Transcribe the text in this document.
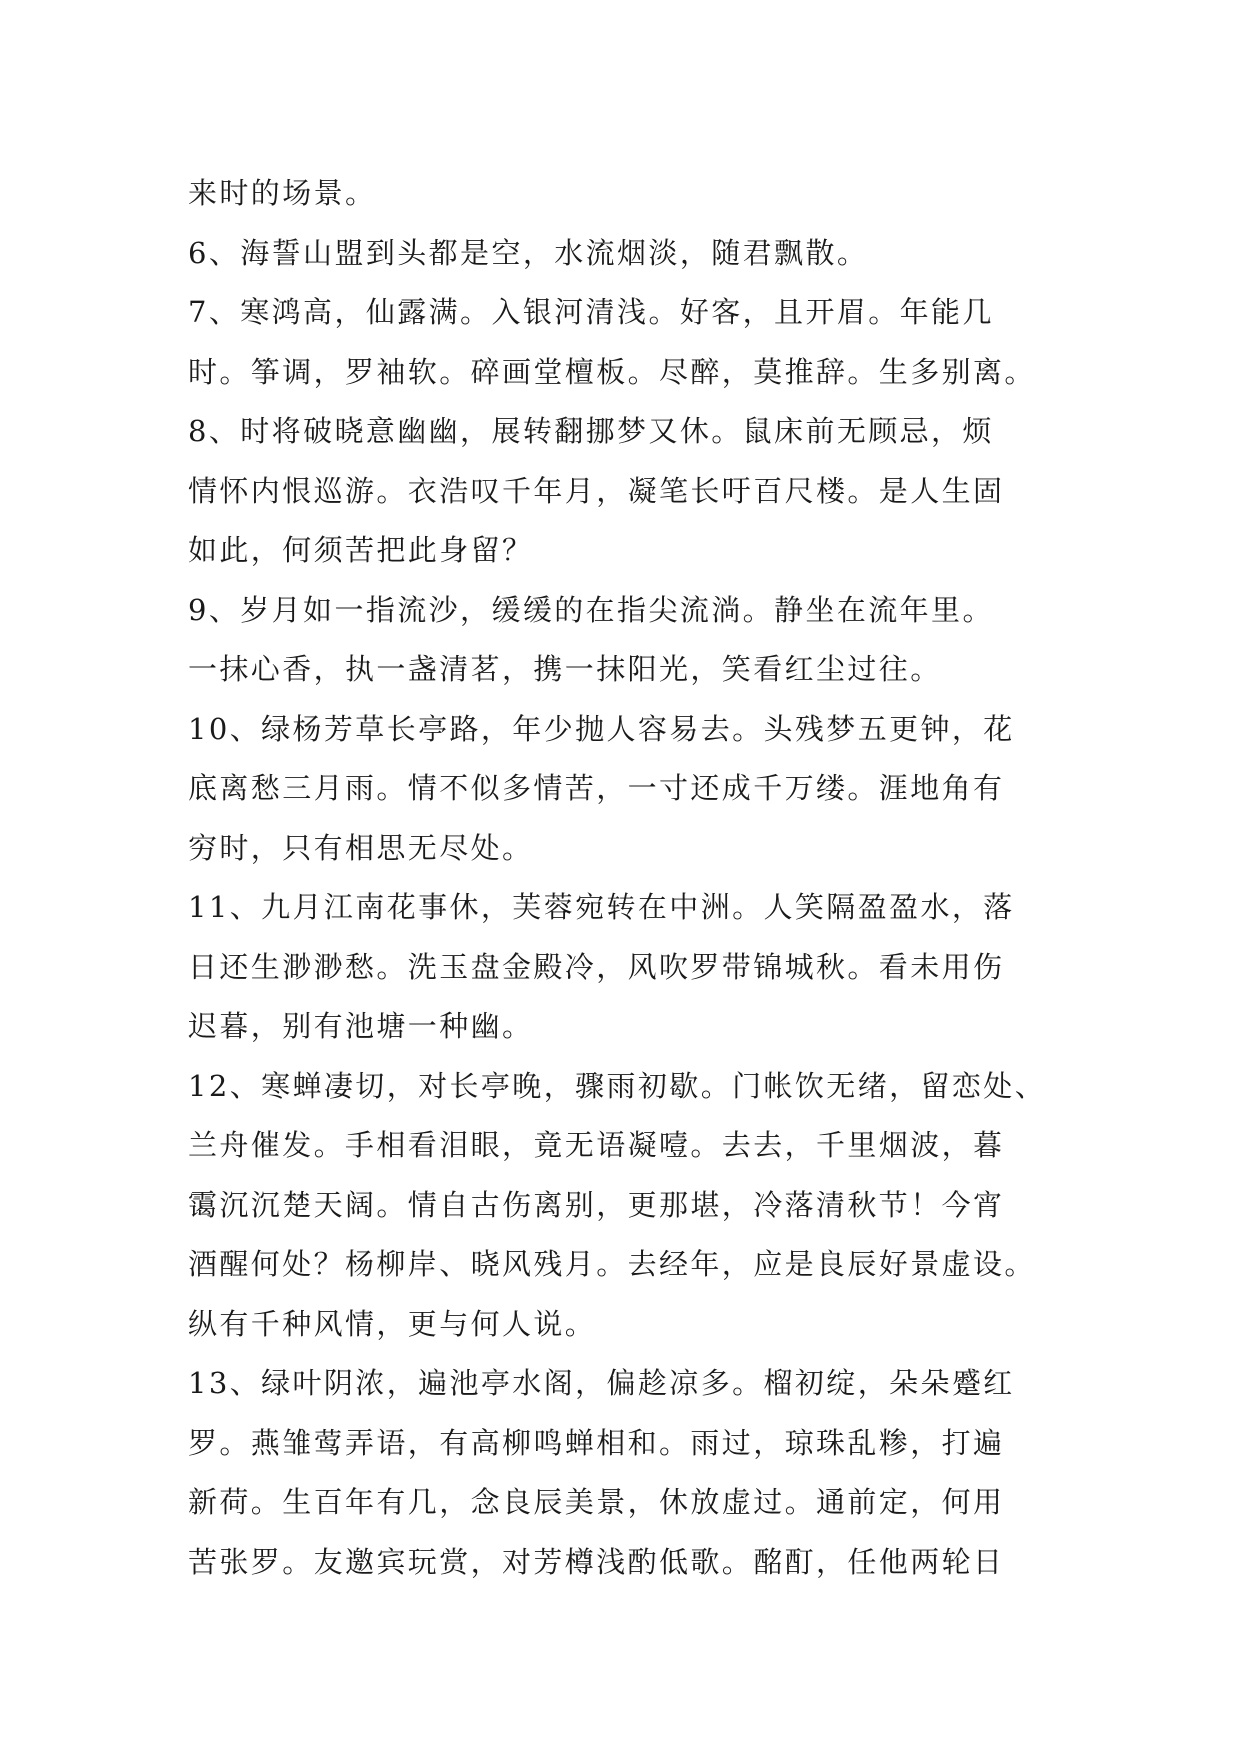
来时的场景。
6、海誓山盟到头都是空，水流烟淡，随君飘散。
7、寒鸿高，仙露满。入银河清浅。好客，且开眉。年能几
时。筝调，罗袖软。碎画堂檀板。尽醉，莫推辞。生多别离。
8、时将破晓意幽幽，展转翻挪梦又休。鼠床前无顾忌，烦
情怀内恨巡游。衣浩叹千年月，凝笔长吁百尺楼。是人生固
如此，何须苦把此身留？
9、岁月如一指流沙，缓缓的在指尖流淌。静坐在流年里。
一抹心香，执一盏清茗，携一抹阳光，笑看红尘过往。
10、绿杨芳草长亭路，年少抛人容易去。头残梦五更钟，花
底离愁三月雨。情不似多情苦，一寸还成千万缕。涯地角有
穷时，只有相思无尽处。
11、九月江南花事休，芙蓉宛转在中洲。人笑隔盈盈水，落
日还生渺渺愁。洗玉盘金殿冷，风吹罗带锦城秋。看未用伤
迟暮，别有池塘一种幽。
12、寒蝉凄切，对长亭晚，骤雨初歇。门帐饮无绪，留恋处、
兰舟催发。手相看泪眼，竟无语凝噎。去去，千里烟波，暮
霭沉沉楚天阔。情自古伤离别，更那堪，冷落清秋节！今宵
酒醒何处？杨柳岸、晓风残月。去经年，应是良辰好景虚设。
纵有千种风情，更与何人说。
13、绿叶阴浓，遍池亭水阁，偏趁凉多。榴初绽，朵朵蹙红
罗。燕雏莺弄语，有高柳鸣蝉相和。雨过，琼珠乱糁，打遍
新荷。生百年有几，念良辰美景，休放虚过。通前定，何用
苦张罗。友邀宾玩赏，对芳樽浅酌低歌。酩酊，任他两轮日
